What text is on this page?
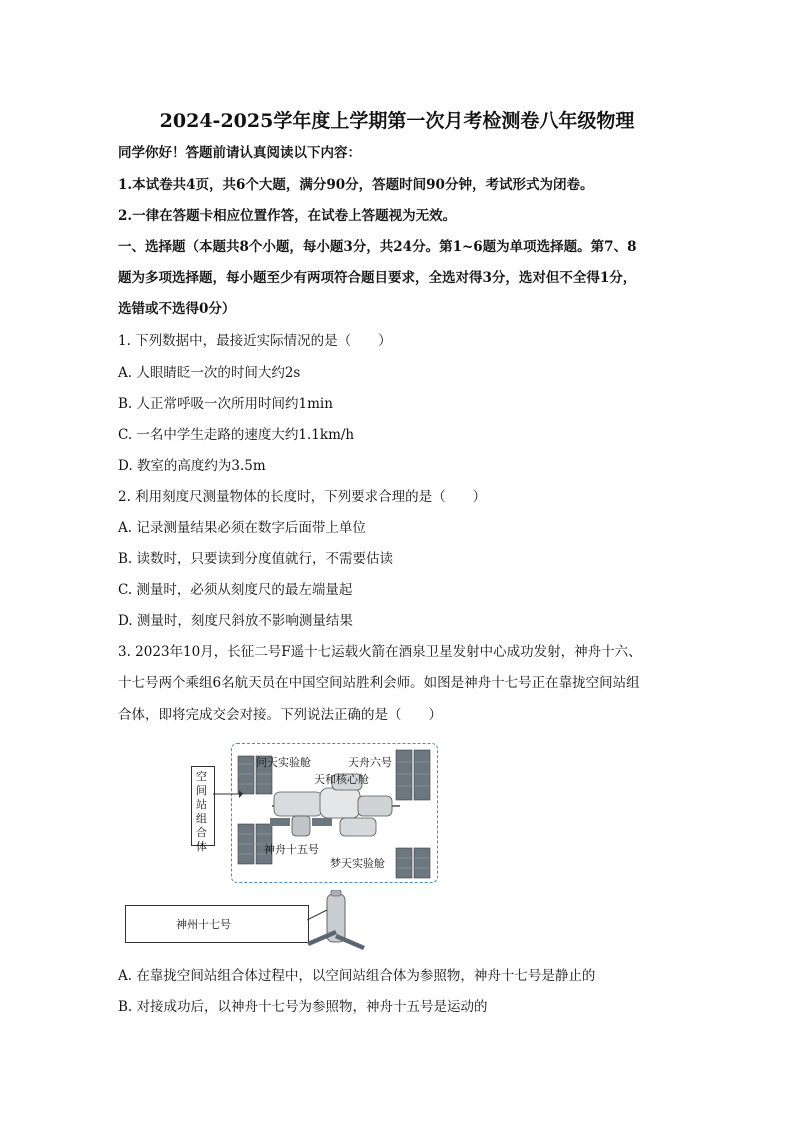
2024-2025学年度上学期第一次月考检测卷八年级物理
同学你好！答题前请认真阅读以下内容：
1.本试卷共4页，共6个大题，满分90分，答题时间90分钟，考试形式为闭卷。
2.一律在答题卡相应位置作答，在试卷上答题视为无效。
一、选择题（本题共8个小题，每小题3分，共24分。第1~6题为单项选择题。第7、8
题为多项选择题，每小题至少有两项符合题目要求，全选对得3分，选对但不全得1分，
选错或不选得0分）
1. 下列数据中，最接近实际情况的是（　　）
A. 人眼睛眨一次的时间大约2s
B. 人正常呼吸一次所用时间约1min
C. 一名中学生走路的速度大约1.1km/h
D. 教室的高度约为3.5m
2. 利用刻度尺测量物体的长度时，下列要求合理的是（　　）
A. 记录测量结果必须在数字后面带上单位
B. 读数时，只要读到分度值就行，不需要估读
C. 测量时，必须从刻度尺的最左端量起
D. 测量时，刻度尺斜放不影响测量结果
3. 2023年10月，长征二号F遥十七运载火箭在酒泉卫星发射中心成功发射，神舟十六、
十七号两个乘组6名航天员在中国空间站胜利会师。如图是神舟十七号正在靠拢空间站组
合体，即将完成交会对接。下列说法正确的是（　　）
问天实验舱	天舟六号
天和核心舱
神舟十五号
梦天实验舱
空间站组合体
神州十七号
A. 在靠拢空间站组合体过程中，以空间站组合体为参照物，神舟十七号是静止的
B. 对接成功后，以神舟十七号为参照物，神舟十五号是运动的
